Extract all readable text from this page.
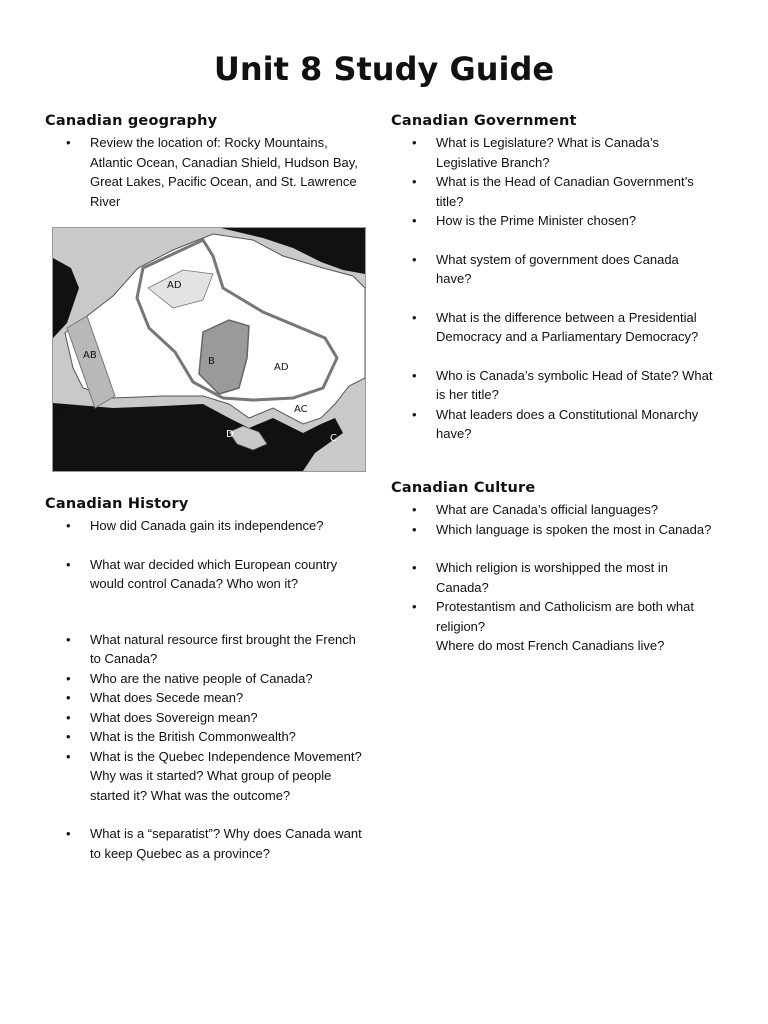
Unit 8 Study Guide
Canadian geography
• Review the location of: Rocky Mountains, Atlantic Ocean, Canadian Shield, Hudson Bay, Great Lakes, Pacific Ocean, and St. Lawrence River
AD
AB
B
AD
AC
A
D	C
Canadian History
• How did Canada gain its independence?
• What war decided which European country would control Canada? Who won it?
• What natural resource first brought the French to Canada?
• Who are the native people of Canada?
• What does Secede mean?
• What does Sovereign mean?
• What is the British Commonwealth?
• What is the Quebec Independence Movement? Why was it started? What group of people started it? What was the outcome?
• What is a “separatist”? Why does Canada want to keep Quebec as a province?
Canadian Government
• What is Legislature? What is Canada’s Legislative Branch?
• What is the Head of Canadian Government’s title?
• How is the Prime Minister chosen?
• What system of government does Canada have?
• What is the difference between a Presidential Democracy and a Parliamentary Democracy?
• Who is Canada’s symbolic Head of State? What is her title?
• What leaders does a Constitutional Monarchy have?
Canadian Culture
• What are Canada’s official languages?
• Which language is spoken the most in Canada?
• Which religion is worshipped the most in Canada?
• Protestantism and Catholicism are both what religion?
Where do most French Canadians live?
